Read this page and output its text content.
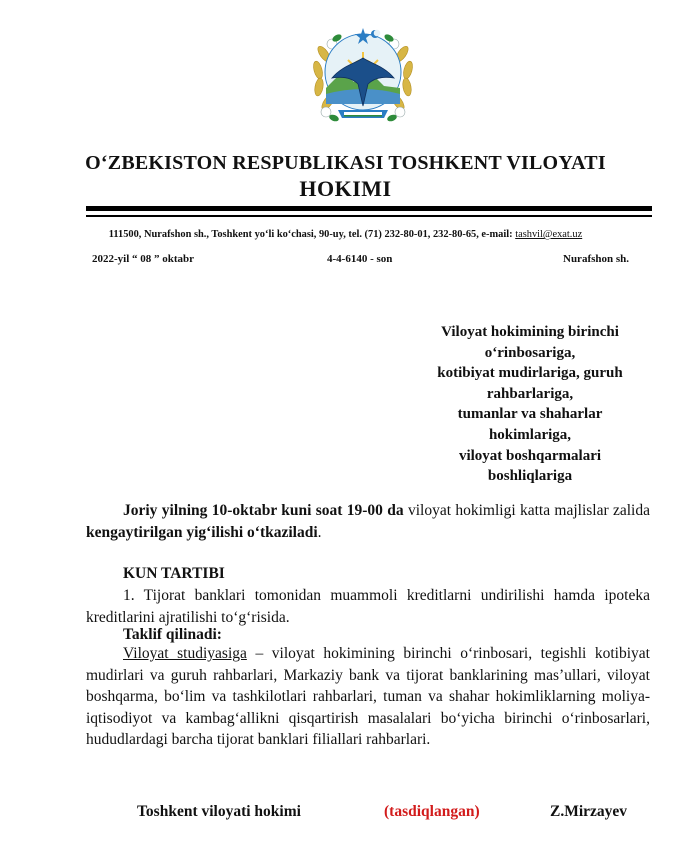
O‘ZBEKISTON RESPUBLIKASI TOSHKENT VILOYATI
HOKIMI
111500, Nurafshon sh., Toshkent yo‘li ko‘chasi, 90-uy, tel. (71) 232-80-01, 232-80-65, e-mail: tashvil@exat.uz
2022-yil “ 08 ” oktabr	4-4-6140 - son	Nurafshon sh.
Viloyat hokimining birinchi
o‘rinbosariga,
kotibiyat mudirlariga, guruh
rahbarlariga,
tumanlar va shaharlar
hokimlariga,
viloyat boshqarmalari
boshliqlariga
Joriy yilning 10-oktabr kuni soat 19-00 da viloyat hokimligi katta majlislar zalida kengaytirilgan yig‘ilishi o‘tkaziladi.
KUN TARTIBI
1. Tijorat banklari tomonidan muammoli kreditlarni undirilishi hamda ipoteka kreditlarini ajratilishi to‘g‘risida.
Taklif qilinadi:
Viloyat studiyasiga – viloyat hokimining birinchi o‘rinbosari, tegishli kotibiyat mudirlari va guruh rahbarlari, Markaziy bank va tijorat banklarining mas’ullari, viloyat boshqarma, bo‘lim va tashkilotlari rahbarlari, tuman va shahar hokimliklarning moliya-iqtisodiyot va kambag‘allikni qisqartirish masalalari bo‘yicha birinchi o‘rinbosarlari, hududlardagi barcha tijorat banklari filiallari rahbarlari.
Toshkent viloyati hokimi	(tasdiqlangan)	Z.Mirzayev
